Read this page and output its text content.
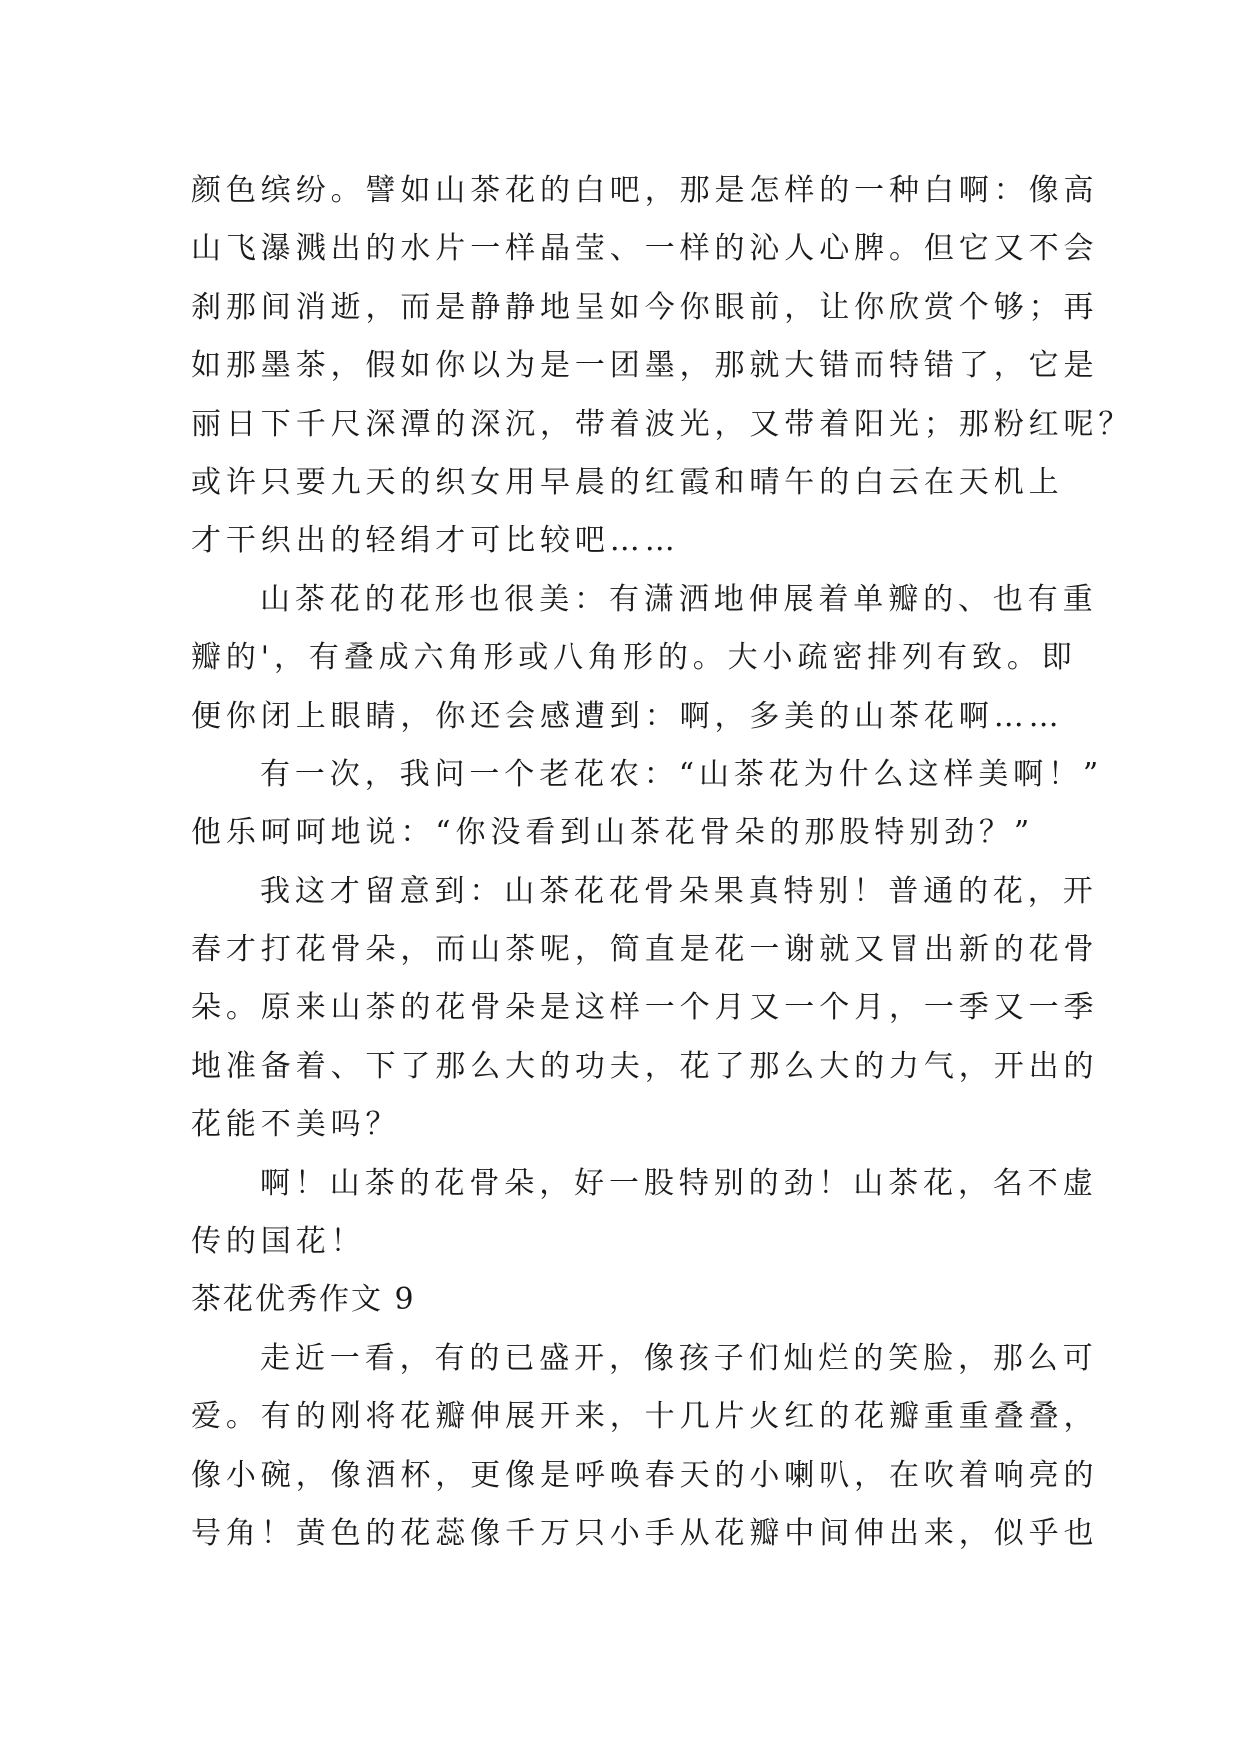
颜色缤纷。譬如山茶花的白吧，那是怎样的一种白啊：像高
山飞瀑溅出的水片一样晶莹、一样的沁人心脾。但它又不会
刹那间消逝，而是静静地呈如今你眼前，让你欣赏个够；再
如那墨茶，假如你以为是一团墨，那就大错而特错了，它是
丽日下千尺深潭的深沉，带着波光，又带着阳光；那粉红呢？
或许只要九天的织女用早晨的红霞和晴午的白云在天机上
才干织出的轻绢才可比较吧……
山茶花的花形也很美：有潇洒地伸展着单瓣的、也有重
瓣的'，有叠成六角形或八角形的。大小疏密排列有致。即
便你闭上眼睛，你还会感遭到：啊，多美的山茶花啊……
有一次，我问一个老花农：“山茶花为什么这样美啊！”
他乐呵呵地说：“你没看到山茶花骨朵的那股特别劲？”
我这才留意到：山茶花花骨朵果真特别！普通的花，开
春才打花骨朵，而山茶呢，简直是花一谢就又冒出新的花骨
朵。原来山茶的花骨朵是这样一个月又一个月，一季又一季
地准备着、下了那么大的功夫，花了那么大的力气，开出的
花能不美吗？
啊！山茶的花骨朵，好一股特别的劲！山茶花，名不虚
传的国花！
茶花优秀作文 9
走近一看，有的已盛开，像孩子们灿烂的笑脸，那么可
爱。有的刚将花瓣伸展开来，十几片火红的花瓣重重叠叠，
像小碗，像酒杯，更像是呼唤春天的小喇叭，在吹着响亮的
号角！黄色的花蕊像千万只小手从花瓣中间伸出来，似乎也
